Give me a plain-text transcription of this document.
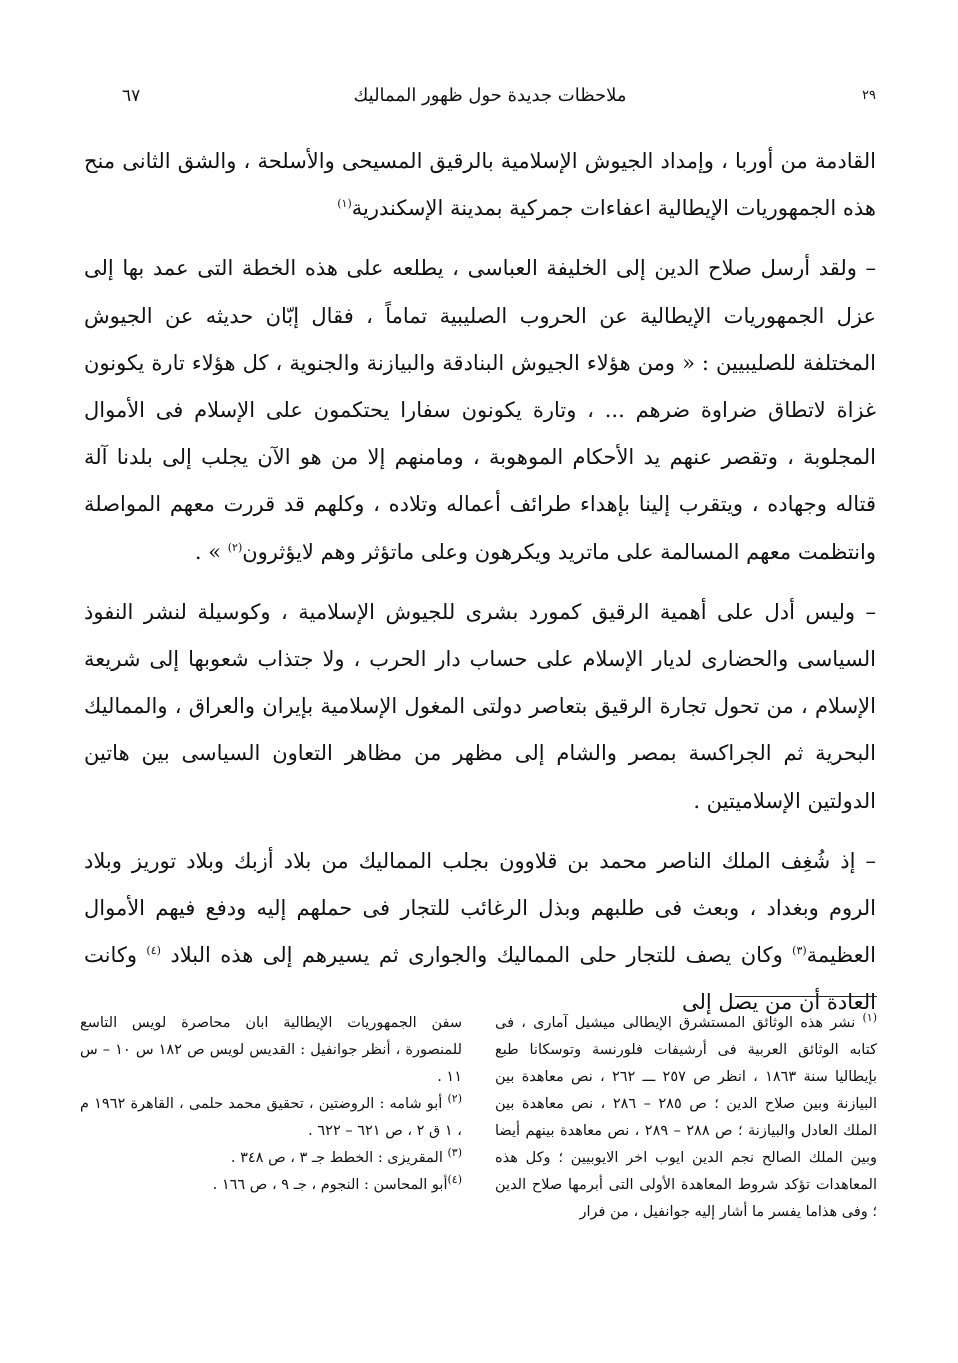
٢٩
ملاحظات جديدة حول ظهور المماليك
٦٧

القادمة من أوربا ، وإمداد الجيوش الإسلامية بالرقيق المسيحى والأسلحة ، والشق الثانى منح هذه الجمهوريات الإيطالية اعفاءات جمركية بمدينة الإسكندرية$^{(١)}$

– ولقد أرسل صلاح الدين إلى الخليفة العباسى ، يطلعه على هذه الخطة التى عمد بها إلى عزل الجمهوريات الإيطالية عن الحروب الصليبية تماماً ، فقال إبّان حديثه عن الجيوش المختلفة للصليبيين : « ومن هؤلاء الجيوش البنادقة والبيازنة والجنوية ، كل هؤلاء تارة يكونون غزاة لاتطاق ضراوة ضرهم ... ، وتارة يكونون سفارا يحتكمون على الإسلام فى الأموال المجلوبة ، وتقصر عنهم يد الأحكام الموهوبة ، ومامنهم إلا من هو الآن يجلب إلى بلدنا آلة قتاله وجهاده ، ويتقرب إلينا بإهداء طرائف أعماله وتلاده ، وكلهم قد قررت معهم المواصلة وانتظمت معهم المسالمة على ماتريد ويكرهون وعلى ماتؤثر وهم لايؤثرون$^{(٢)}$ » .

– وليس أدل على أهمية الرقيق كمورد بشرى للجيوش الإسلامية ، وكوسيلة لنشر النفوذ السياسى والحضارى لديار الإسلام على حساب دار الحرب ، ولا جتذاب شعوبها إلى شريعة الإسلام ، من تحول تجارة الرقيق بتعاصر دولتى المغول الإسلامية بإيران والعراق ، والمماليك البحرية ثم الجراكسة بمصر والشام إلى مظهر من مظاهر التعاون السياسى بين هاتين الدولتين الإسلاميتين .

– إذ شُغِف الملك الناصر محمد بن قلاوون بجلب المماليك من بلاد أزبك وبلاد توريز وبلاد الروم وبغداد ، وبعث فى طلبهم وبذل الرغائب للتجار فى حملهم إليه ودفع فيهم الأموال العظيمة$^{(٣)}$ وكان يصف للتجار حلى المماليك والجوارى ثم يسيرهم إلى هذه البلاد $^{(٤)}$ وكانت العادة أن من يصل إلى

$^{(١)}$ نشر هذه الوثائق المستشرق الإيطالى ميشيل آمارى ، فى كتابه الوثائق العربية فى أرشيفات فلورنسة وتوسكانا طبع بإيطاليا سنة ١٨٦٣ ، انظر ص ٢٥٧ ـــ ٢٦٢ ، نص معاهدة بين البيازنة وبين صلاح الدين ؛ ص ٢٨٥ – ٢٨٦ ، نص معاهدة بين الملك العادل والبيازنة ؛ ص ٢٨٨ – ٢٨٩ ، نص معاهدة بينهم أيضا وبين الملك الصالح نجم الدين ايوب اخر الايوبيين ؛ وكل هذه المعاهدات تؤكد شروط المعاهدة الأولى التى أبرمها صلاح الدين ؛ وفى هذاما يفسر ما أشار إليه جوانفيل ، من فرار

سفن الجمهوريات الإيطالية ابان محاصرة لويس التاسع للمنصورة ، أنظر جوانفيل : القديس لويس ص ١٨٢ س ١٠ – س ١١ .

$^{(٢)}$ أبو شامه : الروضتين ، تحقيق محمد حلمى ، القاهرة ١٩٦٢ م ، ١ ق ٢ ، ص ٦٢١ – ٦٢٢ .

$^{(٣)}$ المقريزى : الخطط جـ ٣ ، ص ٣٤٨ .

$^{(٤)}$أبو المحاسن : النجوم ، جـ ٩ ، ص ١٦٦ .
